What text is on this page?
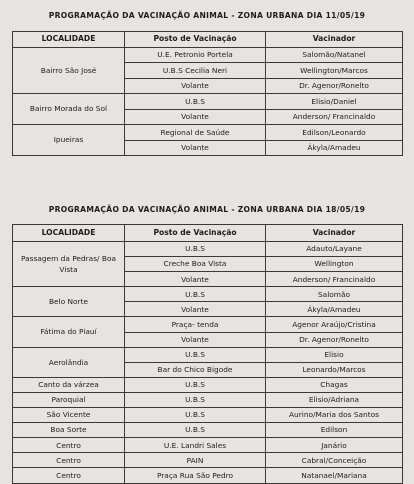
PROGRAMAÇÃO DA VACINAÇÃO ANIMAL - ZONA URBANA DIA 11/05/19
LOCALIDADE	Posto de Vacinação	Vacinador
Bairro São José	U.E. Petronio Portela	Salomão/Natanel
	U.B.S Cecilia Neri	Wellington/Marcos
	Volante	Dr. Agenor/Ronelto
Bairro Morada do Sol	U.B.S	Elisio/Daniel
	Volante	Anderson/ Francinaldo
Ipueiras	Regional de Saúde	Edilson/Leonardo
	Volante	Ákyla/Amadeu
PROGRAMAÇÃO DA VACINAÇÃO ANIMAL - ZONA URBANA DIA 18/05/19
LOCALIDADE	Posto de Vacinação	Vacinador
Passagem da Pedras/ Boa Vista	U.B.S	Adauto/Layane
	Creche Boa Vista	Wellington
	Volante	Anderson/ Francinaldo
Belo Norte	U.B.S	Salomão
	Volante	Ákyla/Amadeu
Fátima do Piauí	Praça- tenda	Agenor Araújo/Cristina
	Volante	Dr. Agenor/Ronelto
Aerolândia	U.B.S	Elisio
	Bar do Chico Bigode	Leonardo/Marcos
Canto da várzea	U.B.S	Chagas
Paroquial	U.B.S	Elisio/Adriana
São Vicente	U.B.S	Aurino/Maria dos Santos
Boa Sorte	U.B.S	Edilson
Centro	U.E. Landri Sales	Janário
Centro	PAIN	Cabral/Conceição
Centro	Praça Rua São Pedro	Natanael/Mariana
